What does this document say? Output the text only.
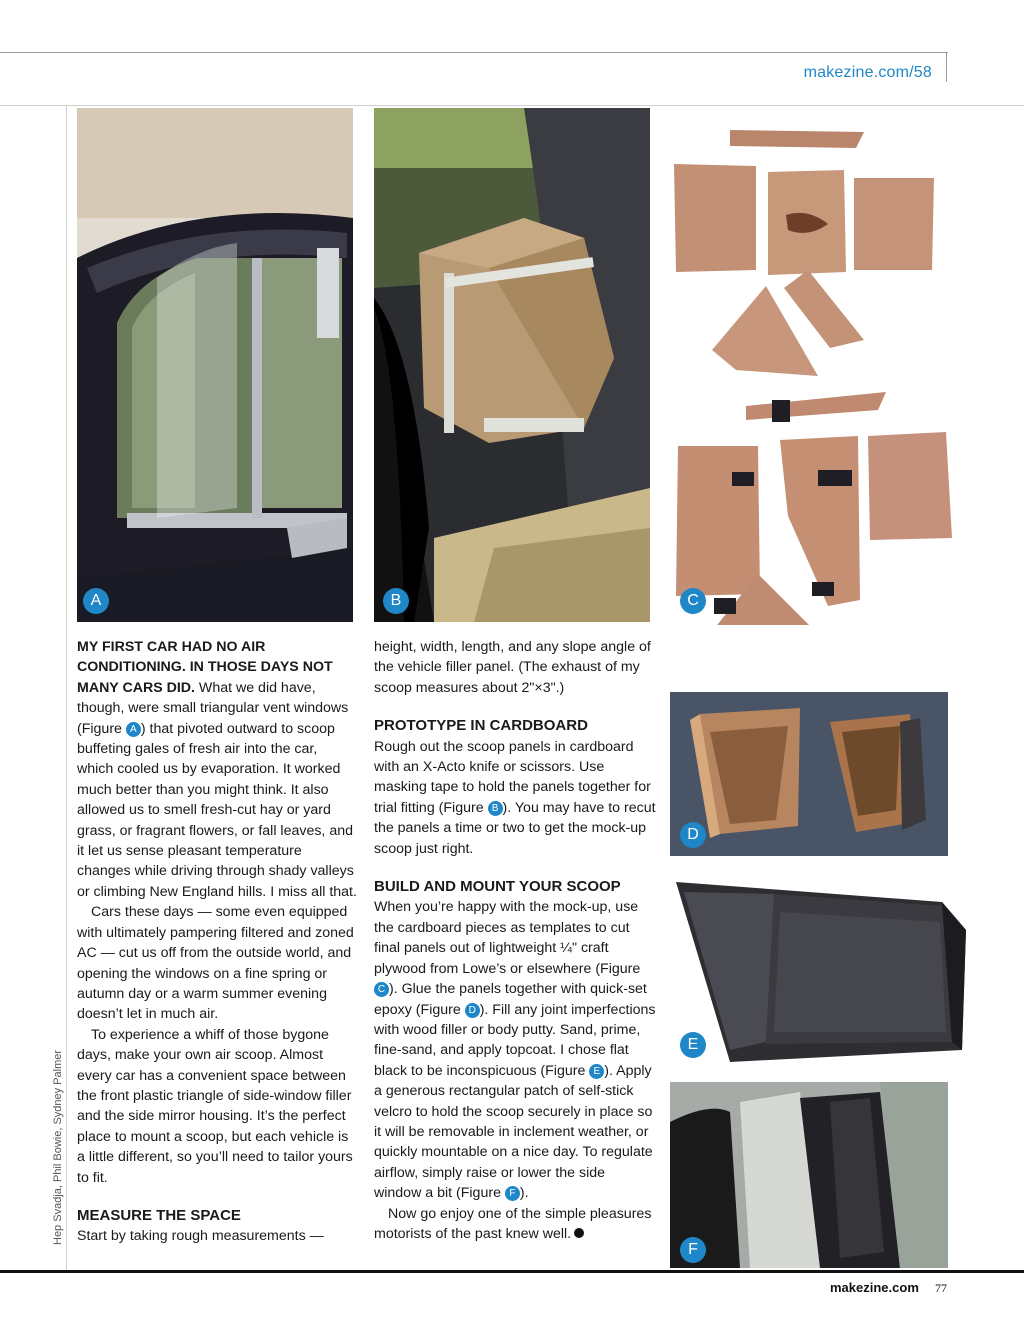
makezine.com/58
Hep Svadja, Phil Bowie, Sydney Palmer
A	B	C
D
E
F

MY FIRST CAR HAD NO AIR CONDITIONING. IN THOSE DAYS NOT MANY CARS DID. What we did have, though, were small triangular vent windows (Figure A ) that pivoted outward to scoop buffeting gales of fresh air into the car, which cooled us by evaporation. It worked much better than you might think. It also allowed us to smell fresh-cut hay or yard grass, or fragrant flowers, or fall leaves, and it let us sense pleasant temperature changes while driving through shady valleys or climbing New England hills. I miss all that.

Cars these days — some even equipped with ultimately pampering filtered and zoned AC — cut us off from the outside world, and opening the windows on a fine spring or autumn day or a warm summer evening doesn’t let in much air.

To experience a whiff of those bygone days, make your own air scoop. Almost every car has a convenient space between the front plastic triangle of side-window filler and the side mirror housing. It’s the perfect place to mount a scoop, but each vehicle is a little different, so you’ll need to tailor yours to fit.

MEASURE THE SPACE

Start by taking rough measurements —

height, width, length, and any slope angle of the vehicle filler panel. (The exhaust of my scoop measures about 2"×3".)

PROTOTYPE IN CARDBOARD

Rough out the scoop panels in cardboard with an X-Acto knife or scissors. Use masking tape to hold the panels together for trial fitting (Figure B ). You may have to recut the panels a time or two to get the mock-up scoop just right.

BUILD AND MOUNT YOUR SCOOP

When you’re happy with the mock-up, use the cardboard pieces as templates to cut final panels out of lightweight ¼" craft plywood from Lowe’s or elsewhere (Figure C ). Glue the panels together with quick-set epoxy (Figure D ). Fill any joint imperfections with wood filler or body putty. Sand, prime, fine-sand, and apply topcoat. I chose flat black to be inconspicuous (Figure E ). Apply a generous rectangular patch of self-stick velcro to hold the scoop securely in place so it will be removable in inclement weather, or quickly mountable on a nice day. To regulate airflow, simply raise or lower the side window a bit (Figure F ).

Now go enjoy one of the simple pleasures motorists of the past knew well.

makezine.com 77
